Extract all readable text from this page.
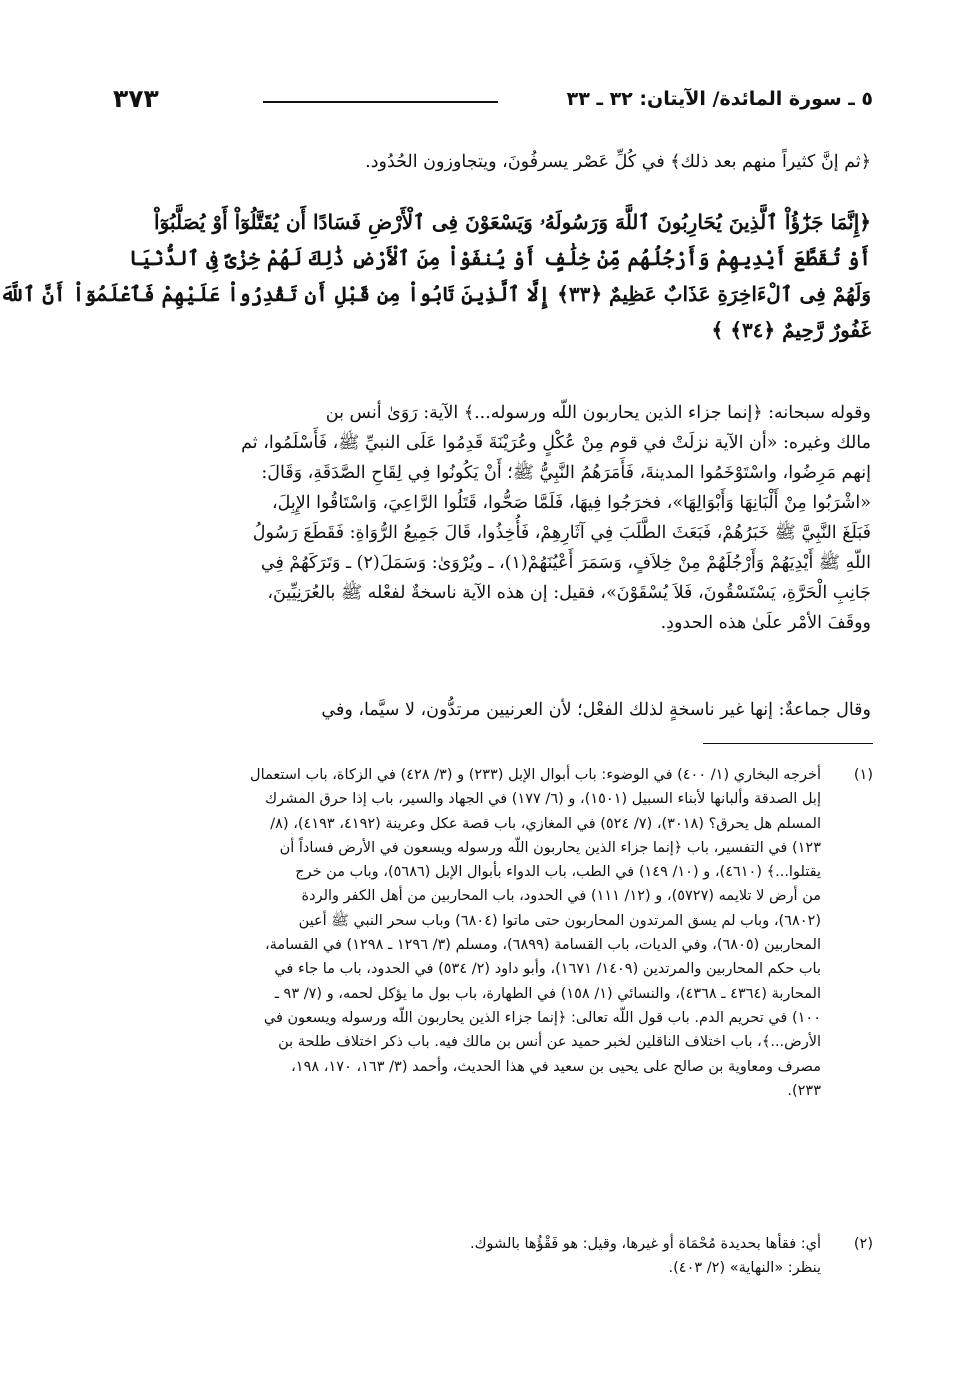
٥ ـ سورة المائدة/ الآيتان: ٣٢ ـ ٣٣
٣٧٣
﴿ثم إنَّ كثيراً منهم بعد ذلك﴾ في كُلِّ عَصْر يسرفُونَ، ويتجاوزون الحُدُود.
﴿إِنَّمَا جَزَٰٓؤُاْ ٱلَّذِينَ يُحَارِبُونَ ٱللَّهَ وَرَسُولَهُۥ وَيَسْعَوْنَ فِى ٱلْأَرْضِ فَسَادًا أَن يُقَتَّلُوٓاْ أَوْ يُصَلَّبُوٓاْ
أَوْ تُقَطَّعَ أَيْدِيهِمْ وَأَرْجُلُهُم مِّنْ خِلَٰفٍ أَوْ يُنفَوْاْ مِنَ ٱلْأَرْضِ ذَٰلِكَ لَهُمْ خِزْىٌ فِى ٱلدُّنْيَا
وَلَهُمْ فِى ٱلْءَاخِرَةِ عَذَابٌ عَظِيمٌ ﴿٣٣﴾ إِلَّا ٱلَّذِينَ تَابُواْ مِن قَبْلِ أَن تَقْدِرُواْ عَلَيْهِمْ فَٱعْلَمُوٓاْ أَنَّ ٱللَّهَ
غَفُورٌ رَّحِيمٌ ﴿٣٤﴾ ﴾
وقوله سبحانه: ﴿إنما جزاء الذين يحاربون اللّه ورسوله...﴾ الآية: رَوَىٰ أنس بن
مالك وغيره: «أن الآية نزلَتْ في قوم مِنْ عُكْلٍ وعُرَيْنَةَ قَدِمُوا عَلَى النبيِّ ﷺ، فَأَسْلَمُوا، ثم
إنهم مَرِضُوا، واسْتَوْخَمُوا المدينةَ، فَأَمَرَهُمُ النَّبِيُّ ﷺ؛ أَنْ يَكُونُوا فِي لِقَاحِ الصَّدَقَةِ، وَقَالَ:
«اشْرَبُوا مِنْ أَلْبَانِهَا وَأَبْوَالِهَا»، فخرَجُوا فِيهَا، فَلَمَّا صَحُّوا، قَتَلُوا الرَّاعِيَ، وَاسْتَاقُوا الإِبِلَ،
فَبَلَغَ النَّبِيَّ ﷺ خَبَرُهُمْ، فَبَعَثَ الطَّلَبَ فِي آثَارِهِمْ، فَأُخِذُوا، قَالَ جَمِيعُ الرُّوَاةِ: فَقَطَعَ رَسُولُ
اللّهِ ﷺ أَيْدِيَهُمْ وَأَرْجُلَهُمْ مِنْ خِلاَفٍ، وَسَمَرَ أَعْيُنَهُمْ(١)، ـ ويُرْوَىٰ: وَسَمَلَ(٢) ـ وَتَرَكَهُمْ فِي
جَانِبِ الْحَرَّةِ، يَسْتَسْقُونَ، فَلاَ يُسْقَوْنَ»، فقيل: إن هذه الآية ناسخةٌ لفعْله ﷺ بالعُرَنِيِّينَ،
ووقَفَ الأمْر علَىٰ هذه الحدودِ.
وقال جماعةٌ: إنها غير ناسخةٍ لذلك الفعْل؛ لأن العرنيين مرتدُّون، لا سيَّما، وفي
(١)
أخرجه البخاري (١/ ٤٠٠) في الوضوء: باب أبوال الإبل (٢٣٣) و (٣/ ٤٢٨) في الزكاة، باب استعمال
إبل الصدقة وألبانها لأبناء السبيل (١٥٠١)، و (٦/ ١٧٧) في الجهاد والسير، باب إذا حرق المشرك
المسلم هل يحرق؟ (٣٠١٨)، (٧/ ٥٢٤) في المغازي، باب قصة عكل وعرينة (٤١٩٢، ٤١٩٣)، (٨/
١٢٣) في التفسير، باب ﴿إنما جزاء الذين يحاربون اللّه ورسوله ويسعون في الأرض فساداً أن
يقتلوا...﴾ (٤٦١٠)، و (١٠/ ١٤٩) في الطب، باب الدواء بأبوال الإبل (٥٦٨٦)، وباب من خرج
من أرض لا تلايمه (٥٧٢٧)، و (١٢/ ١١١) في الحدود، باب المحاربين من أهل الكفر والردة
(٦٨٠٢)، وباب لم يسق المرتدون المحاربون حتى ماتوا (٦٨٠٤) وباب سحر النبي ﷺ أعين
المحاربين (٦٨٠٥)، وفي الديات، باب القسامة (٦٨٩٩)، ومسلم (٣/ ١٢٩٦ ـ ١٢٩٨) في القسامة،
باب حكم المحاربين والمرتدين (١٤٠٩/ ١٦٧١)، وأبو داود (٢/ ٥٣٤) في الحدود، باب ما جاء في
المحاربة (٤٣٦٤ ـ ٤٣٦٨)، والنسائي (١/ ١٥٨) في الطهارة، باب بول ما يؤكل لحمه، و (٧/ ٩٣ ـ
١٠٠) في تحريم الدم. باب قول اللّه تعالى: ﴿إنما جزاء الذين يحاربون اللّه ورسوله ويسعون في
الأرض...﴾، باب اختلاف الناقلين لخبر حميد عن أنس بن مالك فيه. باب ذكر اختلاف طلحة بن
مصرف ومعاوية بن صالح على يحيى بن سعيد في هذا الحديث، وأحمد (٣/ ١٦٣، ١٧٠، ١٩٨،
٢٣٣).
(٢)
أي: فقأها بحديدة مُحْمَاة أو غيرها، وقيل: هو فَقْؤُها بالشوك.
ينظر: «النهاية» (٢/ ٤٠٣).
